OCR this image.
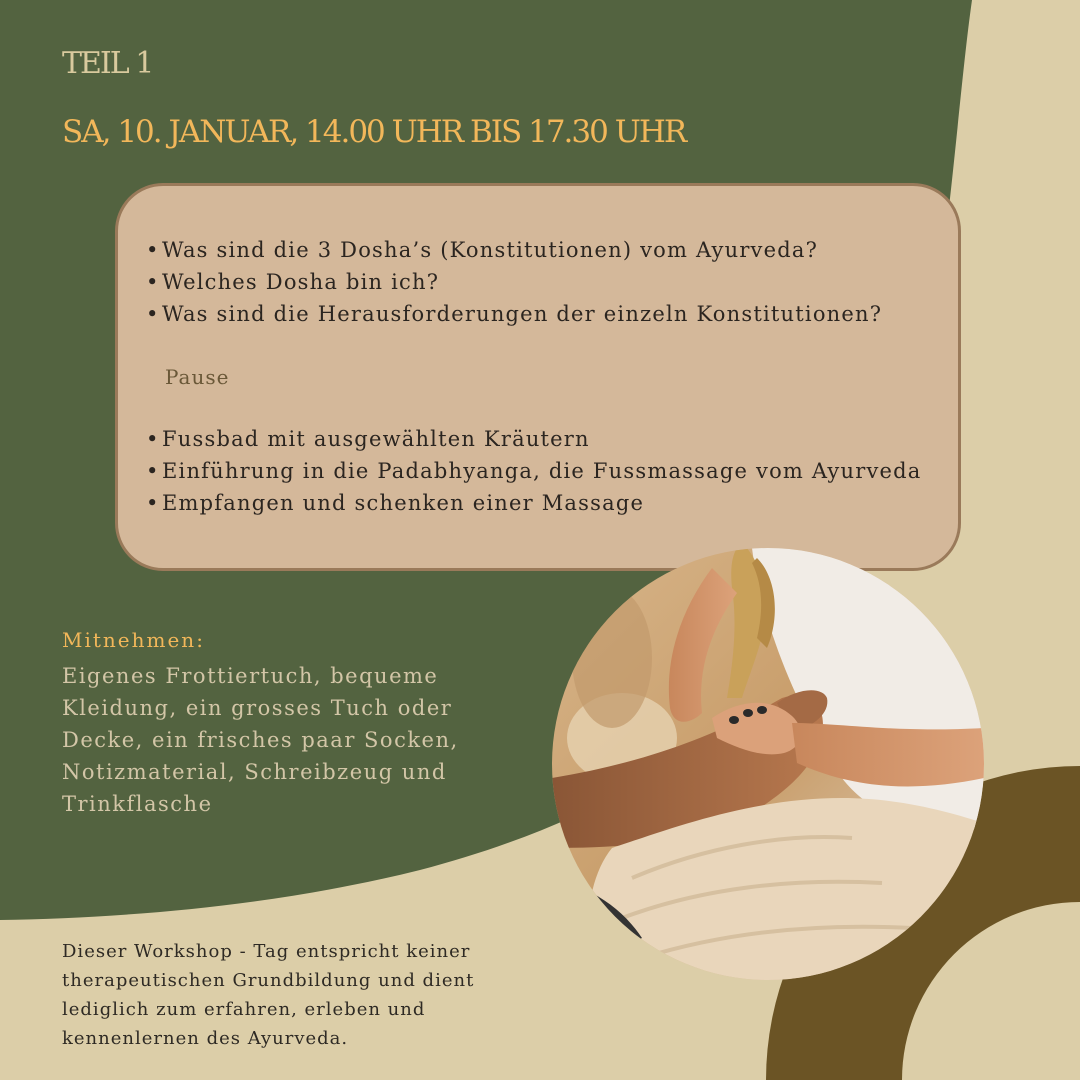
TEIL 1
SA, 10. JANUAR, 14.00 UHR BIS 17.30 UHR
• Was sind die 3 Dosha’s (Konstitutionen) vom Ayurveda?
• Welches Dosha bin ich?
• Was sind die Herausforderungen der einzeln Konstitutionen?
Pause
• Fussbad mit ausgewählten Kräutern
• Einführung in die Padabhyanga, die Fussmassage vom Ayurveda
• Empfangen und schenken einer Massage
Mitnehmen:
Eigenes Frottiertuch, bequeme Kleidung, ein grosses Tuch oder Decke, ein frisches paar Socken, Notizmaterial, Schreibzeug und Trinkflasche
Dieser Workshop - Tag entspricht keiner therapeutischen Grundbildung und dient lediglich zum erfahren, erleben und kennenlernen des Ayurveda.
